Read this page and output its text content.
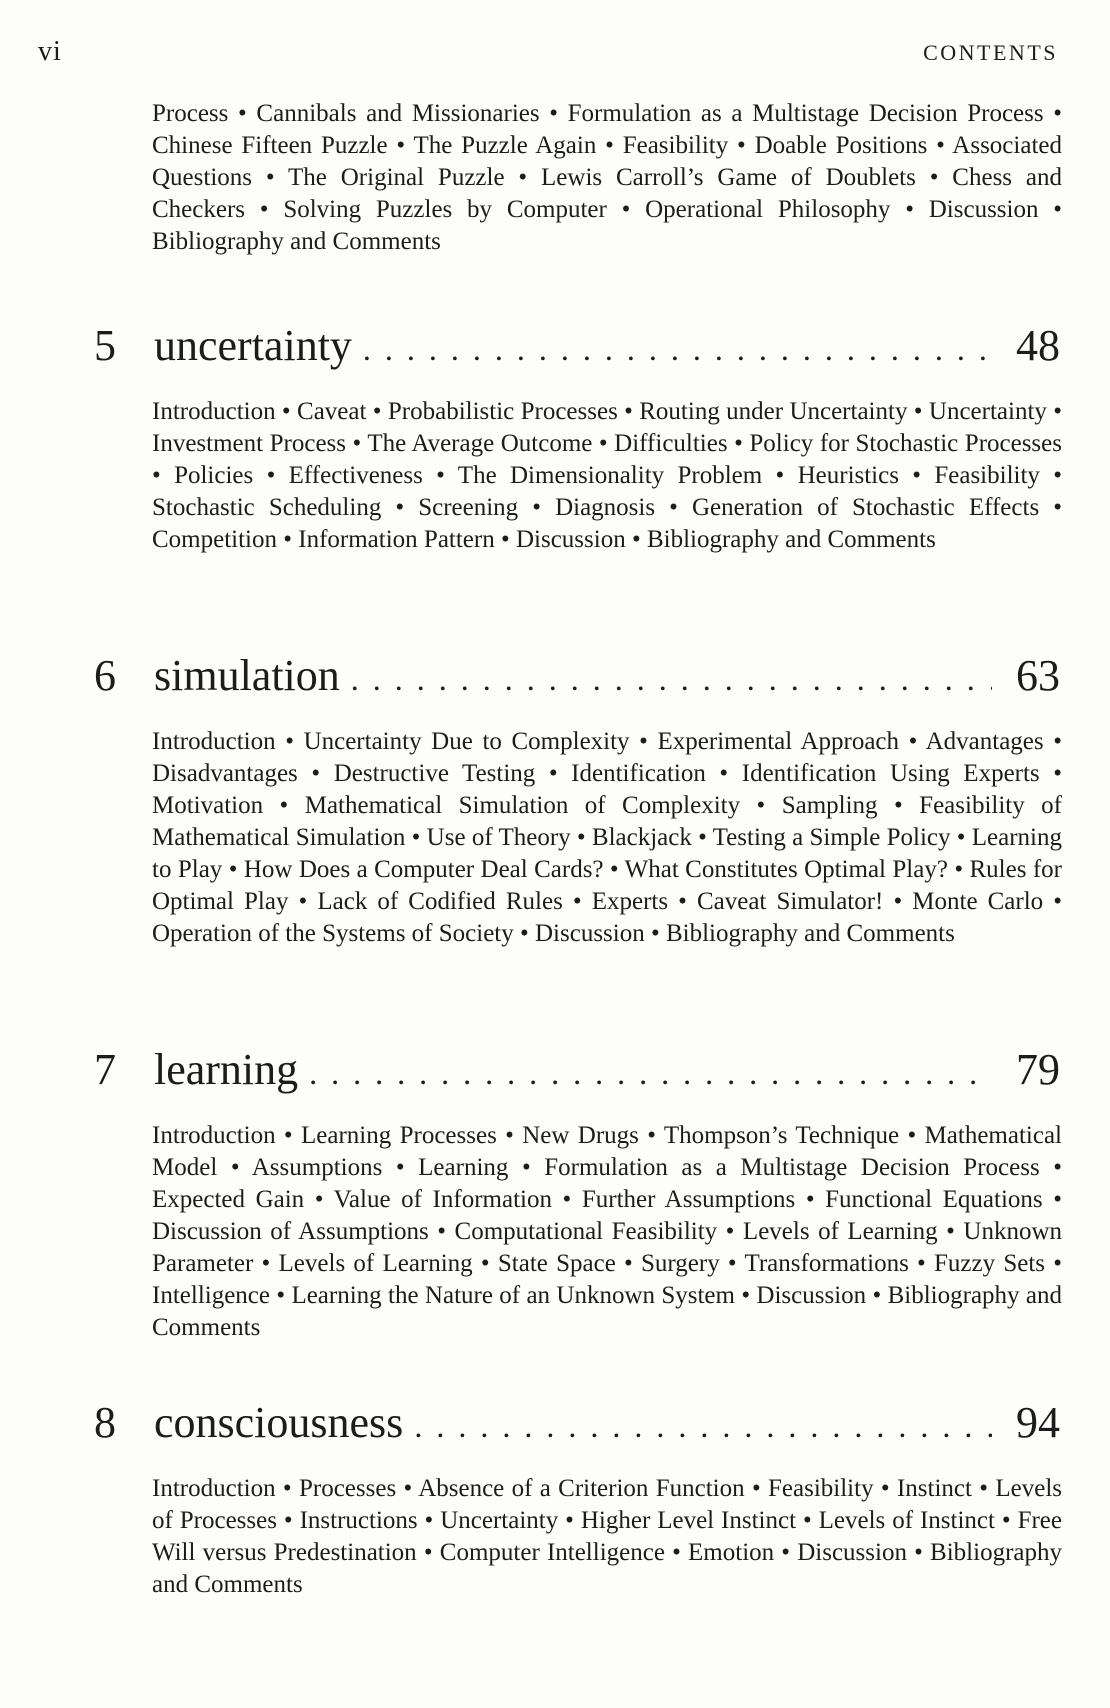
vi	CONTENTS
Process • Cannibals and Missionaries • Formulation as a Multistage Decision Process • Chinese Fifteen Puzzle • The Puzzle Again • Feasibility • Doable Positions • Associated Questions • The Original Puzzle • Lewis Carroll’s Game of Doublets • Chess and Checkers • Solving Puzzles by Computer • Operational Philosophy • Discussion • Bibliography and Comments
5 uncertainty . . .	48
Introduction • Caveat • Probabilistic Processes • Routing under Uncertainty • Uncertainty • Investment Process • The Average Outcome • Difficulties • Policy for Stochastic Processes • Policies • Effectiveness • The Dimensionality Problem • Heuristics • Feasibility • Stochastic Scheduling • Screening • Diagnosis • Generation of Stochastic Effects • Competition • Information Pattern • Discussion • Bibliography and Comments
6 simulation . . .	63
Introduction • Uncertainty Due to Complexity • Experimental Approach • Advantages • Disadvantages • Destructive Testing • Identification • Identification Using Experts • Motivation • Mathematical Simulation of Complexity • Sampling • Feasibility of Mathematical Simulation • Use of Theory • Blackjack • Testing a Simple Policy • Learning to Play • How Does a Computer Deal Cards? • What Constitutes Optimal Play? • Rules for Optimal Play • Lack of Codified Rules • Experts • Caveat Simulator! • Monte Carlo • Operation of the Systems of Society • Discussion • Bibliography and Comments
7 learning . . .	79
Introduction • Learning Processes • New Drugs • Thompson’s Technique • Mathematical Model • Assumptions • Learning • Formulation as a Multistage Decision Process • Expected Gain • Value of Information • Further Assumptions • Functional Equations • Discussion of Assumptions • Computational Feasibility • Levels of Learning • Unknown Parameter • Levels of Learning • State Space • Surgery • Transformations • Fuzzy Sets • Intelligence • Learning the Nature of an Unknown System • Discussion • Bibliography and Comments
8 consciousness . . .	94
Introduction • Processes • Absence of a Criterion Function • Feasibility • Instinct • Levels of Processes • Instructions • Uncertainty • Higher Level Instinct • Levels of Instinct • Free Will versus Predestination • Computer Intelligence • Emotion • Discussion • Bibliography and Comments
